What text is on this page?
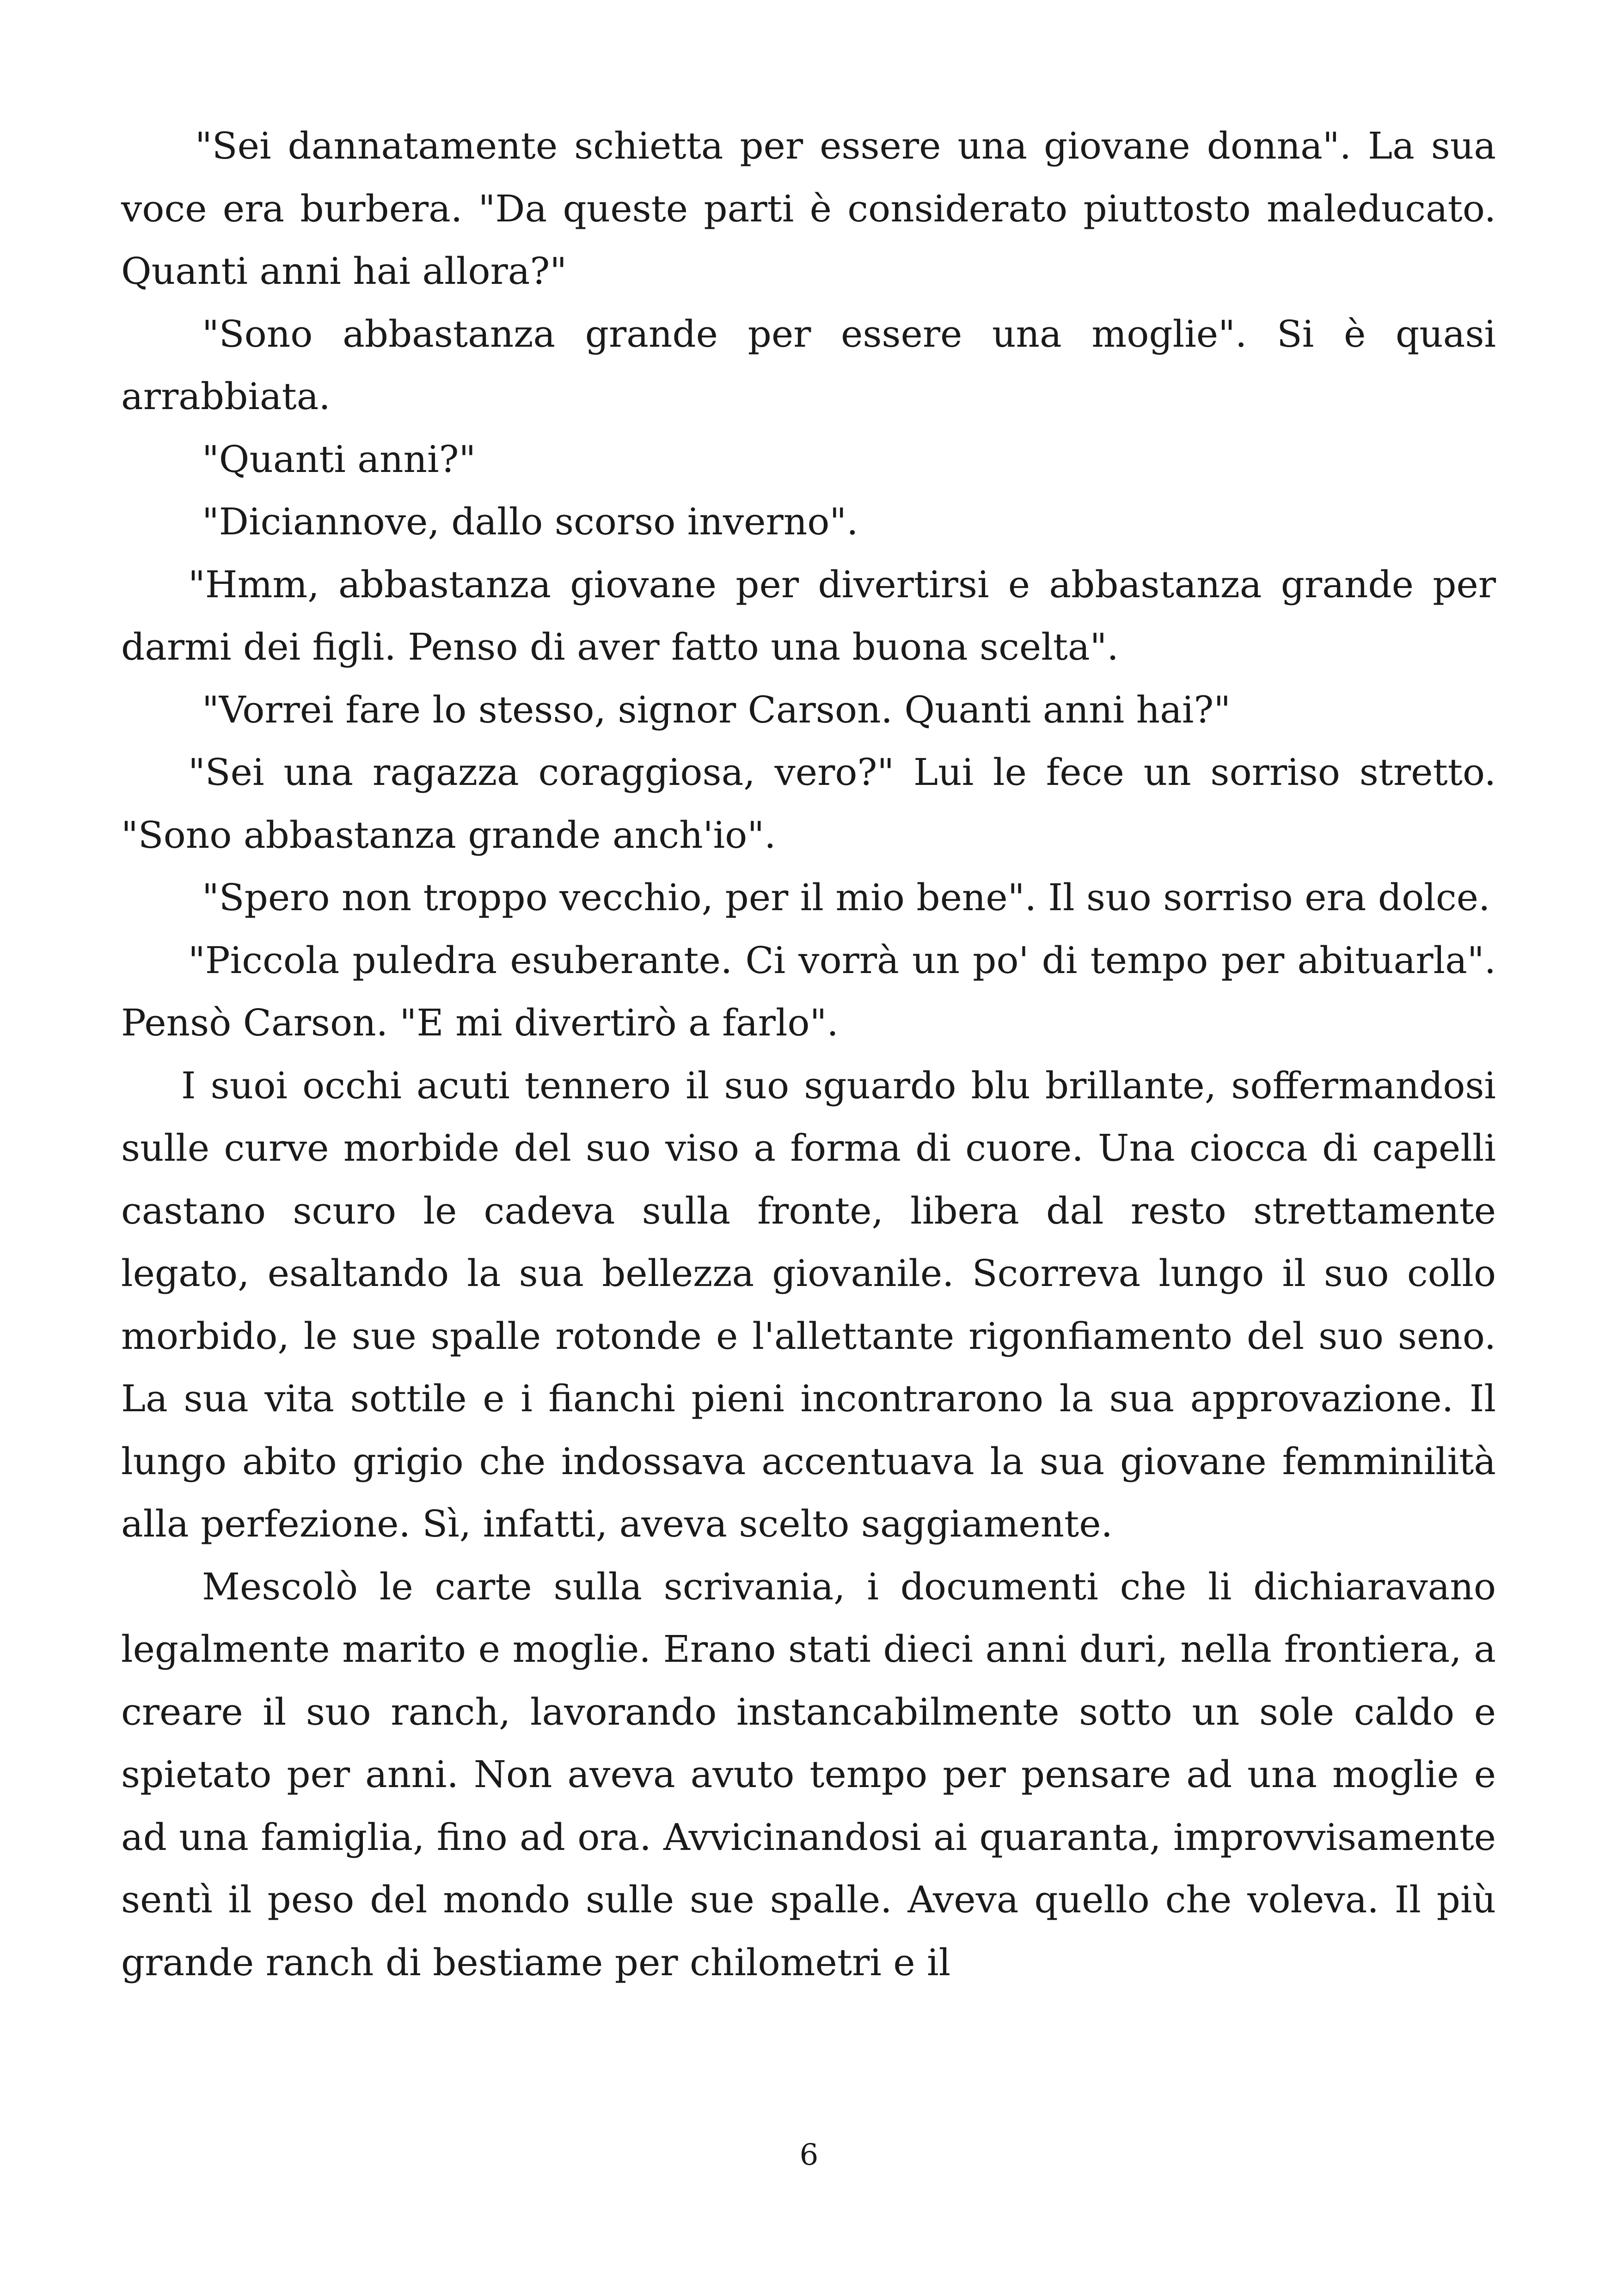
"Sei dannatamente schietta per essere una giovane donna". La sua voce era burbera. "Da queste parti è considerato piuttosto maleducato. Quanti anni hai allora?"

"Sono abbastanza grande per essere una moglie". Si è quasi arrabbiata.

"Quanti anni?"

"Diciannove, dallo scorso inverno".

"Hmm, abbastanza giovane per divertirsi e abbastanza grande per darmi dei figli. Penso di aver fatto una buona scelta".

"Vorrei fare lo stesso, signor Carson. Quanti anni hai?"

"Sei una ragazza coraggiosa, vero?" Lui le fece un sorriso stretto. "Sono abbastanza grande anch'io".

"Spero non troppo vecchio, per il mio bene". Il suo sorriso era dolce.

"Piccola puledra esuberante. Ci vorrà un po' di tempo per abituarla". Pensò Carson. "E mi divertirò a farlo".

I suoi occhi acuti tennero il suo sguardo blu brillante, soffermandosi sulle curve morbide del suo viso a forma di cuore. Una ciocca di capelli castano scuro le cadeva sulla fronte, libera dal resto strettamente legato, esaltando la sua bellezza giovanile. Scorreva lungo il suo collo morbido, le sue spalle rotonde e l'allettante rigonfiamento del suo seno. La sua vita sottile e i fianchi pieni incontrarono la sua approvazione. Il lungo abito grigio che indossava accentuava la sua giovane femminilità alla perfezione. Sì, infatti, aveva scelto saggiamente.

Mescolò le carte sulla scrivania, i documenti che li dichiaravano legalmente marito e moglie. Erano stati dieci anni duri, nella frontiera, a creare il suo ranch, lavorando instancabilmente sotto un sole caldo e spietato per anni. Non aveva avuto tempo per pensare ad una moglie e ad una famiglia, fino ad ora. Avvicinandosi ai quaranta, improvvisamente sentì il peso del mondo sulle sue spalle. Aveva quello che voleva. Il più grande ranch di bestiame per chilometri e il

6
